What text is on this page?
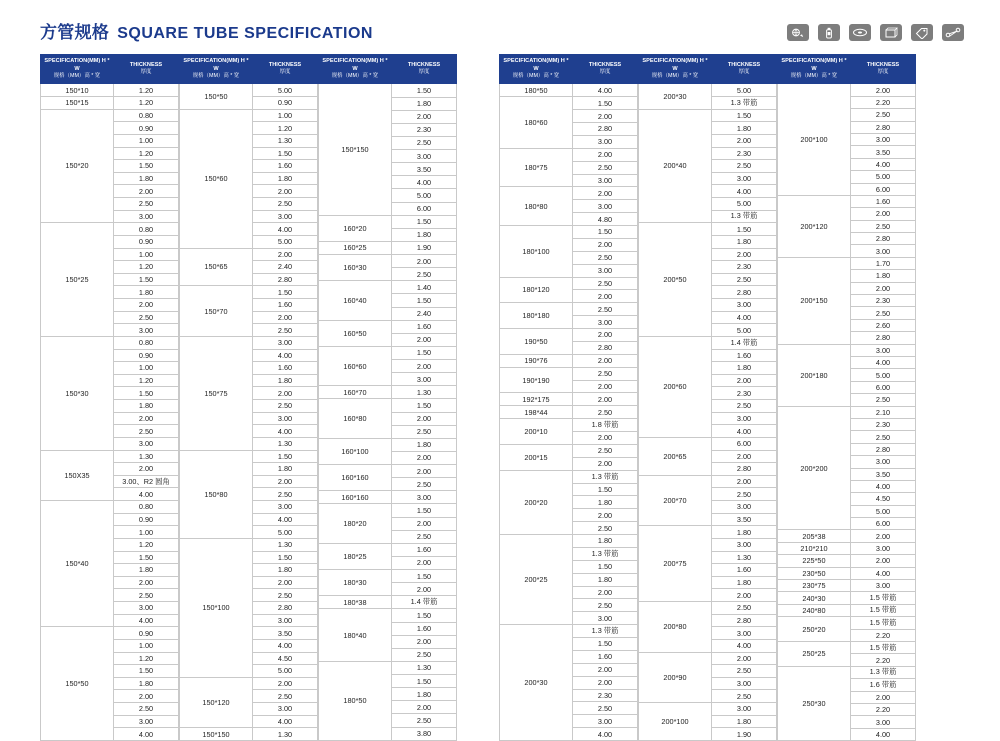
方管规格 SQUARE TUBE SPECIFICATION
SPECIFICATION(MM) H * W
规格（MM）高 * 宽	THICKNESS
厚度

150*10	1.20
150*15	1.20
150*20	0.80
	0.90
	1.00
	1.20
	1.50
	1.80
	2.00
	2.50
	3.00
150*25	0.80
	0.90
	1.00
	1.20
	1.50
	1.80
	2.00
	2.50
	3.00
150*30	0.80
	0.90
	1.00
	1.20
	1.50
	1.80
	2.00
	2.50
	3.00
150X35	1.30
	2.00
	3.00、R2 圆角
	4.00
150*40	0.80
	0.90
	1.00
	1.20
	1.50
	1.80
	2.00
	2.50
	3.00
	4.00
150*50	0.90
	1.00
	1.20
	1.50
	1.80
	2.00
	2.50
	3.00
	4.00
SPECIFICATION(MM) H * W
规格（MM）高 * 宽	THICKNESS
厚度

150*50	5.00
	0.90
150*60	1.00
	1.20
	1.30
	1.50
	1.60
	1.80
	2.00
	2.50
	3.00
	4.00
	5.00
150*65	2.00
	2.40
	2.80
150*70	1.50
	1.60
	2.00
	2.50
150*75	3.00
	4.00
	1.60
	1.80
	2.00
	2.50
	3.00
	4.00
	1.30
150*80	1.50
	1.80
	2.00
	2.50
	3.00
	4.00
	5.00
150*100	1.30
	1.50
	1.80
	2.00
	2.50
	2.80
	3.00
	3.50
	4.00
	4.50
	5.00
150*120	2.00
	2.50
	3.00
	4.00
150*150	1.30
SPECIFICATION(MM) H * W
规格（MM）高 * 宽	THICKNESS
厚度

150*150	1.50
	1.80
	2.00
	2.30
	2.50
	3.00
	3.50
	4.00
	5.00
	6.00
160*20	1.50
	1.80
160*25	1.90
160*30	2.00
	2.50
160*40	1.40
	1.50
	2.40
160*50	1.60
	2.00
160*60	1.50
	2.00
	3.00
160*70	1.30
160*80	1.50
	2.00
	2.50
160*100	1.80
	2.00
160*160	2.00
	2.50
160*160	3.00
180*20	1.50
	2.00
	2.50
180*25	1.60
	2.00
180*30	1.50
	2.00
180*38	1.4 带筋
180*40	1.50
	1.60
	2.00
	2.50
180*50	1.30
	1.50
	1.80
	2.00
	2.50
	3.80
SPECIFICATION(MM) H * W
规格（MM）高 * 宽	THICKNESS
厚度

180*50	4.00
180*60	1.50
	2.00
	2.80
	3.00
180*75	2.00
	2.50
	3.00
180*80	2.00
	3.00
	4.80
180*100	1.50
	2.00
	2.50
	3.00
180*120	2.50
	2.00
180*180	2.50
	3.00
190*50	2.00
	2.80
190*76	2.00
190*190	2.50
	2.00
192*175	2.00
198*44	2.50
200*10	1.8 带筋
	2.00
200*15	2.50
	2.00
200*20	1.3 带筋
	1.50
	1.80
	2.00
	2.50
200*25	1.80
	1.3 带筋
	1.50
	1.80
	2.00
	2.50
	3.00
200*30	1.3 带筋
	1.50
	1.60
	2.00
	2.00
	2.30
	2.50
	3.00
	4.00
SPECIFICATION(MM) H * W
规格（MM）高 * 宽	THICKNESS
厚度

200*30	5.00
	1.3 带筋
200*40	1.50
	1.80
	2.00
	2.30
	2.50
	3.00
	4.00
	5.00
	1.3 带筋
200*50	1.50
	1.80
	2.00
	2.30
	2.50
	2.80
	3.00
	4.00
	5.00
200*60	1.4 带筋
	1.60
	1.80
	2.00
	2.30
	2.50
	3.00
	4.00
200*65	6.00
	2.00
	2.80
200*70	2.00
	2.50
	3.00
	3.50
200*75	1.80
	3.00
	1.30
	1.60
	1.80
	2.00
200*80	2.50
	2.80
	3.00
	4.00
200*90	2.00
	2.50
	3.00
	2.50
200*100	3.00
	1.80
	1.90
SPECIFICATION(MM) H * W
规格（MM）高 * 宽	THICKNESS
厚度

200*100	2.00
	2.20
	2.50
	2.80
	3.00
	3.50
	4.00
	5.00
	6.00
200*120	1.60
	2.00
	2.50
	2.80
	3.00
200*150	1.70
	1.80
	2.00
	2.30
	2.50
	2.60
	2.80
200*180	3.00
	4.00
	5.00
	6.00
	2.50
200*200	2.10
	2.30
	2.50
	2.80
	3.00
	3.50
	4.00
	4.50
	5.00
	6.00
205*38	2.00
210*210	3.00
225*50	2.00
230*50	4.00
230*75	3.00
240*30	1.5 带筋
240*80	1.5 带筋
250*20	1.5 带筋
	2.20
250*25	1.5 带筋
	2.20
250*30	1.3 带筋
	1.6 带筋
	2.00
	2.20
	3.00
	4.00
